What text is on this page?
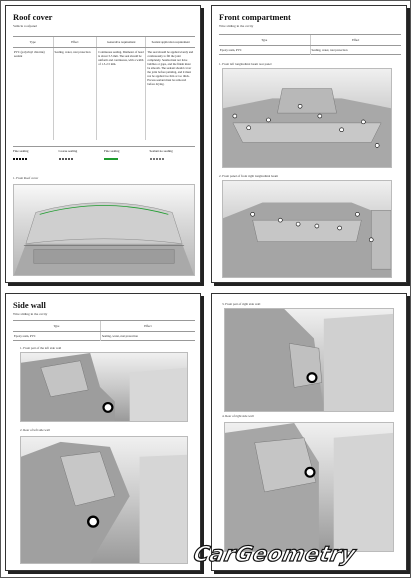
Roof cover
Vehicle roofpanel
Type	Effect	Generative requirement	Sealant application requirement
PVC (polyvinyl chloride) sealant	Sealing, water, rust protection	Continuous sealing. Diameter of bead is about 3-5 mm. The seal should be uniform and continuous, with a width of 1.5-2.5 mm.	The seal should be applied evenly and continuously to fill the joint completely. Seams must not have bubbles or gaps, and the finish must be smooth. The sealant should cover the joint before painting, and it must not be applied too thin or too thick. Excess sealant must be removed before drying.
Fine sealing	Coarse sealing	Fine sealing	Sealant no sealing
1. Front Roof cover
Front compartment
Wire sliding in the cavity
Type	Effect
Epoxy resin, PVC	Sealing, water, rust protection
1. Front left longitudinal beam rear panel
2. Front panel of front right longitudinal beam
Side wall
Wire sliding in the cavity
Type	Effect
Epoxy resin, PVC	Sealing, water, rust protection
1. Front part of the left side wall
2. Rear of left side wall
3. Front part of right side wall
4. Rear of right side wall
CarGeometry
